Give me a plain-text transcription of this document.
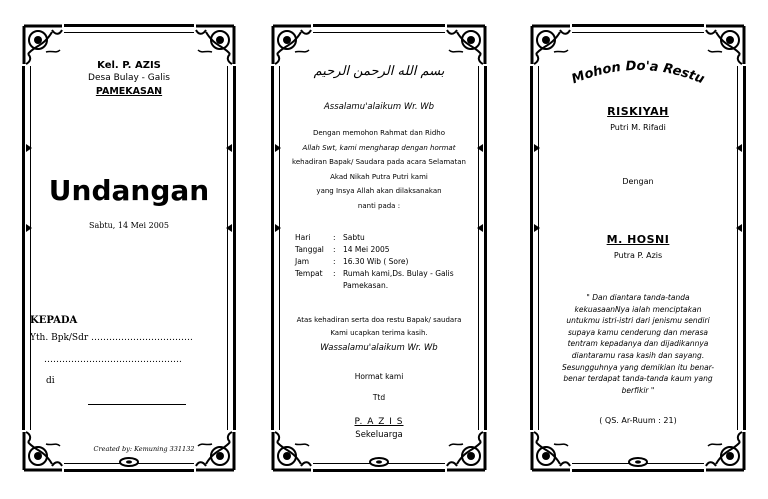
Kel. P. AZIS
Desa Bulay - Galis
PAMEKASAN
Undangan
Sabtu, 14 Mei 2005
KEPADA
Yth. Bpk/Sdr …………………………….
……………………………………….
di
Created by: Kemuning 331132
بسم الله الرحمن الرحيم
Assalamu'alaikum Wr. Wb
Dengan memohon Rahmat dan Ridho
Allah Swt, kami mengharap dengan hormat
kehadiran Bapak/ Saudara pada acara Selamatan
Akad Nikah Putra Putri kami
yang Insya Allah akan dilaksanakan
nanti pada :
Hari	: Sabtu
Tanggal	: 14 Mei 2005
Jam	: 16.30 Wib ( Sore)
Tempat	: Rumah kami,Ds. Bulay - Galis
Pamekasan.
Atas kehadiran serta doa restu Bapak/ saudara
Kami ucapkan terima kasih.
Wassalamu'alaikum Wr. Wb
Hormat kami
Ttd
P. A Z I S
Sekeluarga
Mohon Do'a Restu
RISKIYAH
Putri M. Rifadi
Dengan
M. HOSNI
Putra P. Azis
" Dan diantara tanda-tanda
kekuasaanNya ialah menciptakan
untukmu istri-istri dari jenismu sendiri
supaya kamu cenderung dan merasa
tentram kepadanya dan dijadikannya
diantaramu rasa kasih dan sayang.
Sesungguhnya yang demikian itu benar-
benar terdapat tanda-tanda kaum yang
berfikir "
( QS. Ar-Ruum : 21)
